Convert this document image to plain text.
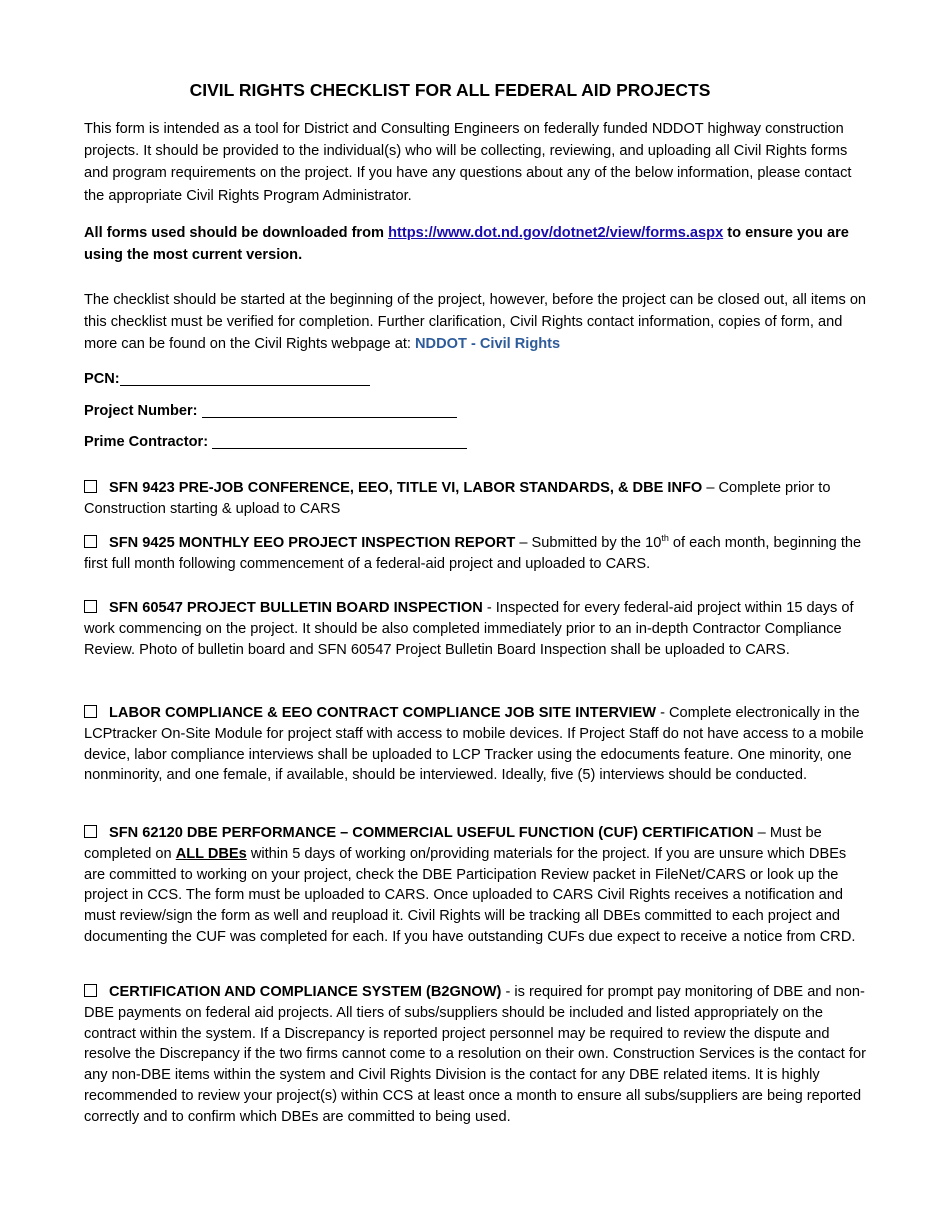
CIVIL RIGHTS CHECKLIST FOR ALL FEDERAL AID PROJECTS
This form is intended as a tool for District and Consulting Engineers on federally funded NDDOT highway construction projects. It should be provided to the individual(s) who will be collecting, reviewing, and uploading all Civil Rights forms and program requirements on the project. If you have any questions about any of the below information, please contact the appropriate Civil Rights Program Administrator.
All forms used should be downloaded from https://www.dot.nd.gov/dotnet2/view/forms.aspx to ensure you are using the most current version.
The checklist should be started at the beginning of the project, however, before the project can be closed out, all items on this checklist must be verified for completion. Further clarification, Civil Rights contact information, copies of form, and more can be found on the Civil Rights webpage at: NDDOT - Civil Rights
PCN:
Project Number:
Prime Contractor:
SFN 9423 PRE-JOB CONFERENCE, EEO, TITLE VI, LABOR STANDARDS, & DBE INFO – Complete prior to Construction starting & upload to CARS
SFN 9425 MONTHLY EEO PROJECT INSPECTION REPORT – Submitted by the 10th of each month, beginning the first full month following commencement of a federal-aid project and uploaded to CARS.
SFN 60547 PROJECT BULLETIN BOARD INSPECTION - Inspected for every federal-aid project within 15 days of work commencing on the project. It should be also completed immediately prior to an in-depth Contractor Compliance Review. Photo of bulletin board and SFN 60547 Project Bulletin Board Inspection shall be uploaded to CARS.
LABOR COMPLIANCE & EEO CONTRACT COMPLIANCE JOB SITE INTERVIEW - Complete electronically in the LCPtracker On-Site Module for project staff with access to mobile devices. If Project Staff do not have access to a mobile device, labor compliance interviews shall be uploaded to LCP Tracker using the edocuments feature. One minority, one nonminority, and one female, if available, should be interviewed. Ideally, five (5) interviews should be conducted.
SFN 62120 DBE PERFORMANCE – COMMERCIAL USEFUL FUNCTION (CUF) CERTIFICATION – Must be completed on ALL DBEs within 5 days of working on/providing materials for the project. If you are unsure which DBEs are committed to working on your project, check the DBE Participation Review packet in FileNet/CARS or look up the project in CCS. The form must be uploaded to CARS. Once uploaded to CARS Civil Rights receives a notification and must review/sign the form as well and reupload it. Civil Rights will be tracking all DBEs committed to each project and documenting the CUF was completed for each. If you have outstanding CUFs due expect to receive a notice from CRD.
CERTIFICATION AND COMPLIANCE SYSTEM (B2GNOW) - is required for prompt pay monitoring of DBE and non-DBE payments on federal aid projects. All tiers of subs/suppliers should be included and listed appropriately on the contract within the system. If a Discrepancy is reported project personnel may be required to review the dispute and resolve the Discrepancy if the two firms cannot come to a resolution on their own. Construction Services is the contact for any non-DBE items within the system and Civil Rights Division is the contact for any DBE related items. It is highly recommended to review your project(s) within CCS at least once a month to ensure all subs/suppliers are being reported correctly and to confirm which DBEs are committed to being used.
